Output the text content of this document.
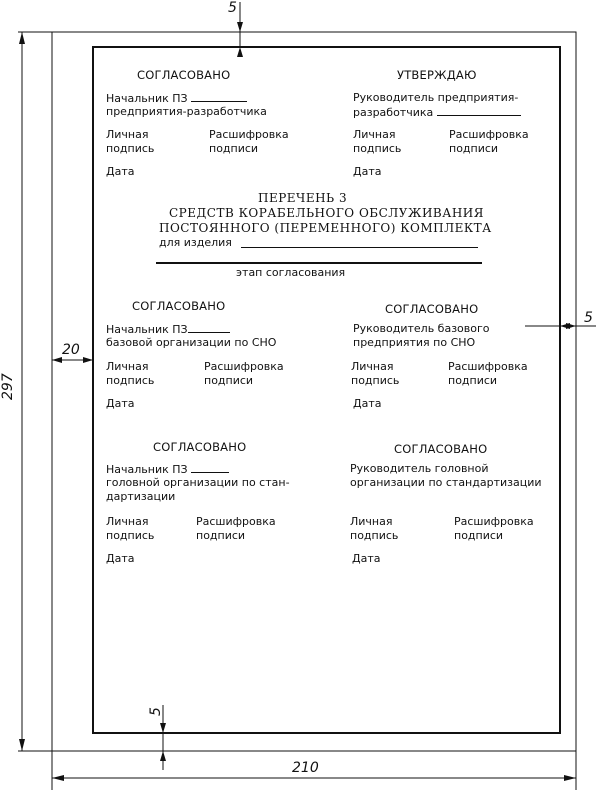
5
5
20
297
210
5
СОГЛАСОВАНО
Начальник ПЗ
предприятия-разработчика
Личная
подпись
Расшифровка
подписи
Дата
УТВЕРЖДАЮ
Руководитель предприятия-
разработчика
Личная
подпись
Расшифровка
подписи
Дата
ПЕРЕЧЕНЬ 3
СРЕДСТВ КОРАБЕЛЬНОГО ОБСЛУЖИВАНИЯ
ПОСТОЯННОГО (ПЕРЕМЕННОГО) КОМПЛЕКТА
для изделия
этап согласования
СОГЛАСОВАНО
Начальник ПЗ
базовой организации по СНО
Личная
подпись
Расшифровка
подписи
Дата
СОГЛАСОВАНО
Руководитель базового
предприятия по СНО
Личная
подпись
Расшифровка
подписи
Дата
СОГЛАСОВАНО
Начальник ПЗ
головной организации по стан-
дартизации
Личная
подпись
Расшифровка
подписи
Дата
СОГЛАСОВАНО
Руководитель головной
организации по стандартизации
Личная
подпись
Расшифровка
подписи
Дата
